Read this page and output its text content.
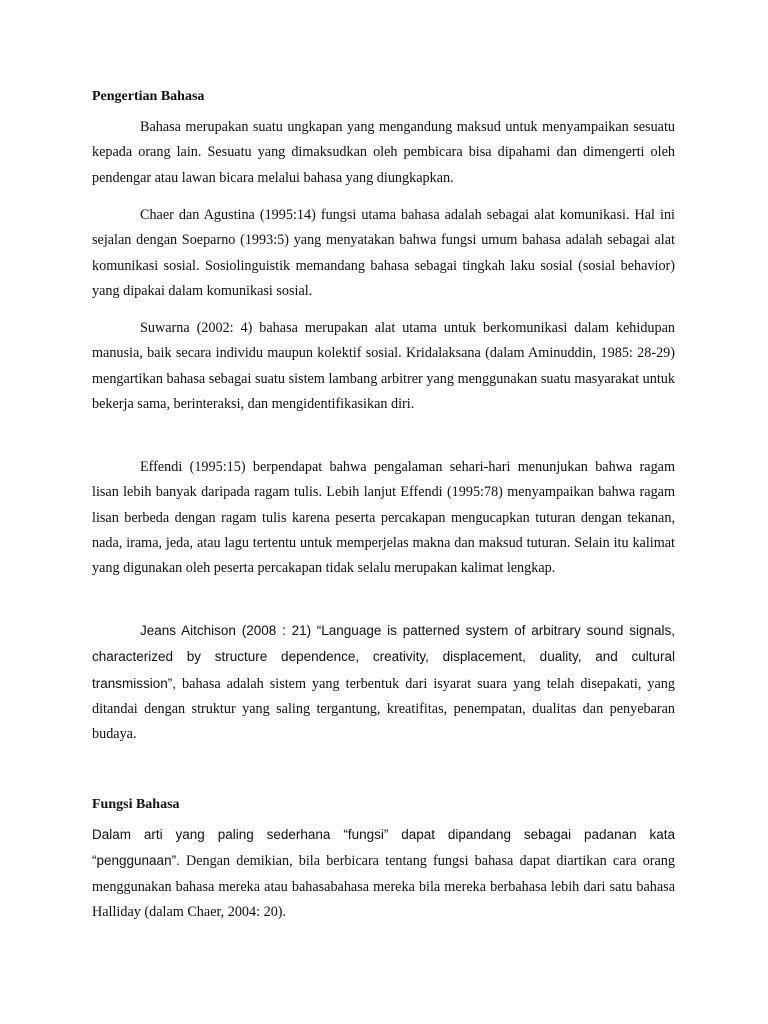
Pengertian Bahasa

Bahasa merupakan suatu ungkapan yang mengandung maksud untuk menyampaikan sesuatu kepada orang lain. Sesuatu yang dimaksudkan oleh pembicara bisa dipahami dan dimengerti oleh pendengar atau lawan bicara melalui bahasa yang diungkapkan.

Chaer dan Agustina (1995:14) fungsi utama bahasa adalah sebagai alat komunikasi. Hal ini sejalan dengan Soeparno (1993:5) yang menyatakan bahwa fungsi umum bahasa adalah sebagai alat komunikasi sosial. Sosiolinguistik memandang bahasa sebagai tingkah laku sosial (sosial behavior) yang dipakai dalam komunikasi sosial.

Suwarna (2002: 4) bahasa merupakan alat utama untuk berkomunikasi dalam kehidupan manusia, baik secara individu maupun kolektif sosial. Kridalaksana (dalam Aminuddin, 1985: 28-29) mengartikan bahasa sebagai suatu sistem lambang arbitrer yang menggunakan suatu masyarakat untuk bekerja sama, berinteraksi, dan mengidentifikasikan diri.

Effendi (1995:15) berpendapat bahwa pengalaman sehari-hari menunjukan bahwa ragam lisan lebih banyak daripada ragam tulis. Lebih lanjut Effendi (1995:78) menyampaikan bahwa ragam lisan berbeda dengan ragam tulis karena peserta percakapan mengucapkan tuturan dengan tekanan, nada, irama, jeda, atau lagu tertentu untuk memperjelas makna dan maksud tuturan. Selain itu kalimat yang digunakan oleh peserta percakapan tidak selalu merupakan kalimat lengkap.

Jeans Aitchison (2008 : 21) “Language is patterned system of arbitrary sound signals, characterized by structure dependence, creativity, displacement, duality, and cultural transmission”, bahasa adalah sistem yang terbentuk dari isyarat suara yang telah disepakati, yang ditandai dengan struktur yang saling tergantung, kreatifitas, penempatan, dualitas dan penyebaran budaya.

Fungsi Bahasa

Dalam arti yang paling sederhana “fungsi” dapat dipandang sebagai padanan kata “penggunaan”. Dengan demikian, bila berbicara tentang fungsi bahasa dapat diartikan cara orang menggunakan bahasa mereka atau bahasabahasa mereka bila mereka berbahasa lebih dari satu bahasa Halliday (dalam Chaer, 2004: 20).
